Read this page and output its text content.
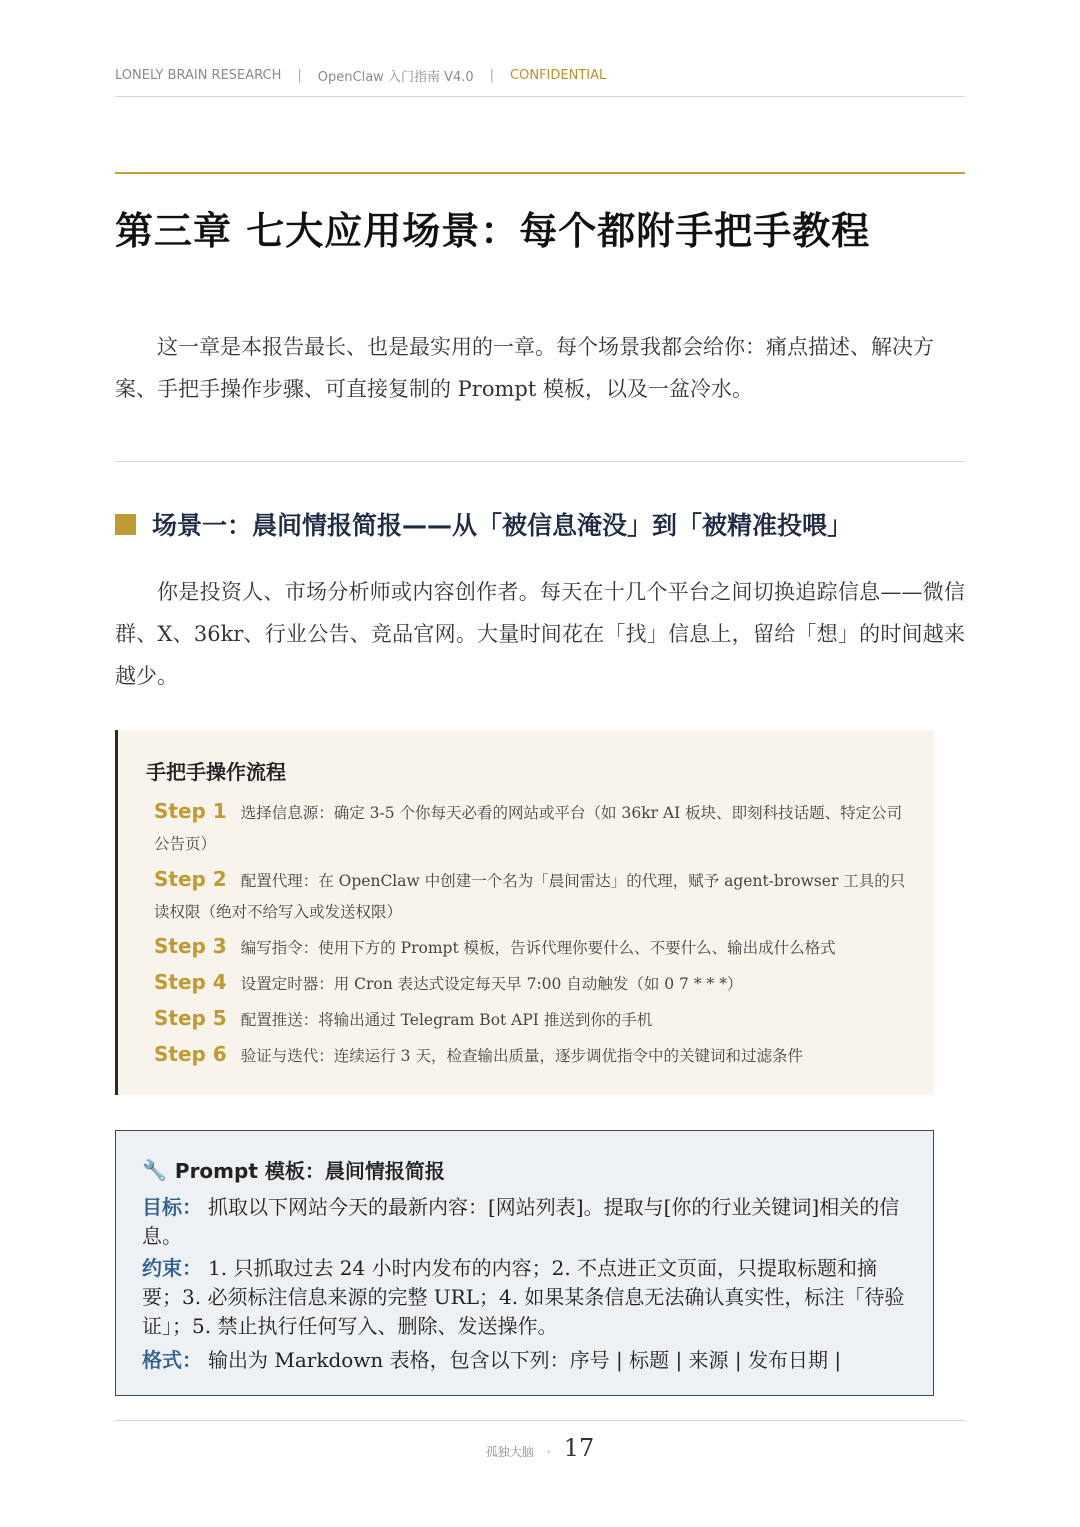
LONELY BRAIN RESEARCH | OpenClaw 入门指南 V4.0 | CONFIDENTIAL
第三章 七大应用场景：每个都附手把手教程

这一章是本报告最长、也是最实用的一章。每个场景我都会给你：痛点描述、解决方案、手把手操作步骤、可直接复制的 Prompt 模板，以及一盆冷水。

场景一：晨间情报简报——从「被信息淹没」到「被精准投喂」

你是投资人、市场分析师或内容创作者。每天在十几个平台之间切换追踪信息——微信群、X、36kr、行业公告、竞品官网。大量时间花在「找」信息上，留给「想」的时间越来越少。

手把手操作流程
Step 1 选择信息源：确定 3-5 个你每天必看的网站或平台（如 36kr AI 板块、即刻科技话题、特定公司公告页）
Step 2 配置代理：在 OpenClaw 中创建一个名为「晨间雷达」的代理，赋予 agent-browser 工具的只读权限（绝对不给写入或发送权限）
Step 3 编写指令：使用下方的 Prompt 模板，告诉代理你要什么、不要什么、输出成什么格式
Step 4 设置定时器：用 Cron 表达式设定每天早 7:00 自动触发（如 0 7 * * *）
Step 5 配置推送：将输出通过 Telegram Bot API 推送到你的手机
Step 6 验证与迭代：连续运行 3 天，检查输出质量，逐步调优指令中的关键词和过滤条件
🔧 Prompt 模板：晨间情报简报
目标： 抓取以下网站今天的最新内容：[网站列表]。提取与[你的行业关键词]相关的信息。
约束： 1. 只抓取过去 24 小时内发布的内容；2. 不点进正文页面，只提取标题和摘要；3. 必须标注信息来源的完整 URL；4. 如果某条信息无法确认真实性，标注「待验证」；5. 禁止执行任何写入、删除、发送操作。
格式： 输出为 Markdown 表格，包含以下列：序号 | 标题 | 来源 | 发布日期 |
孤独大脑 · 17
